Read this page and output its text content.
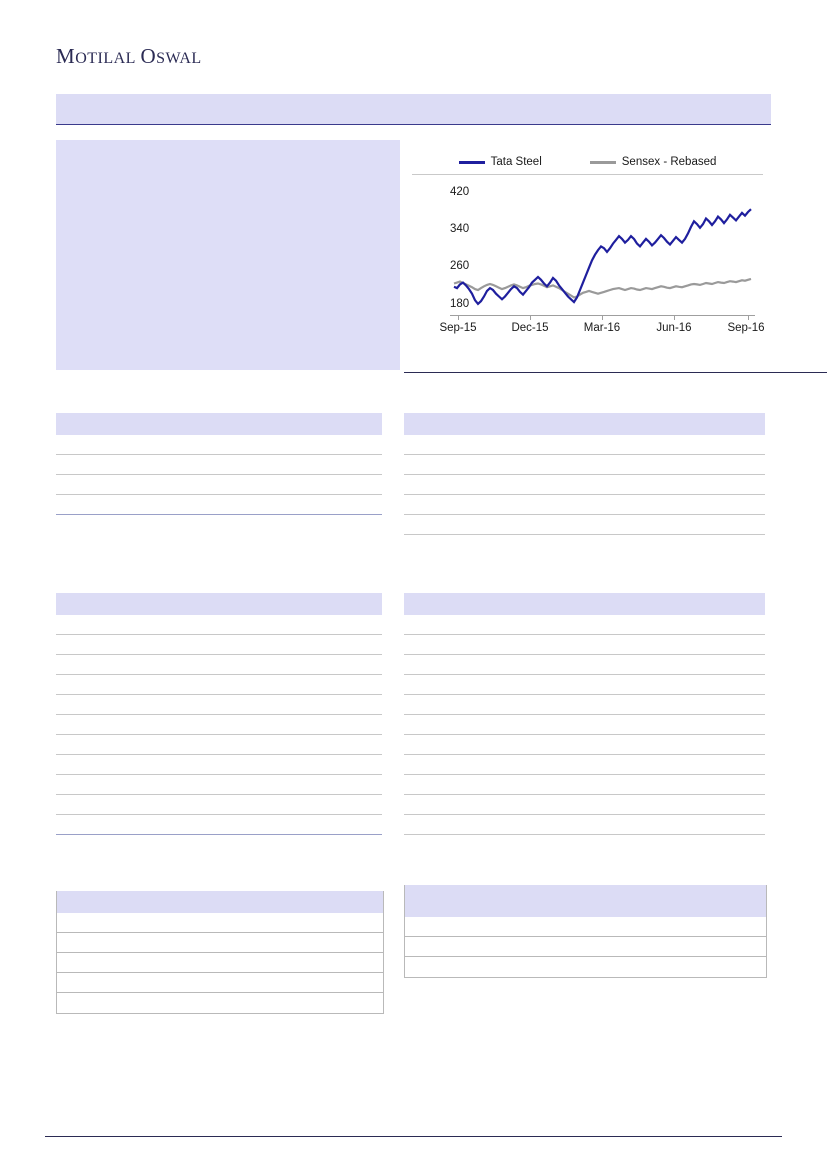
MOTILAL OSWAL
Tata Steel	Sensex - Rebased
420
340
260
180
Sep-15	Dec-15	Mar-16	Jun-16	Sep-16
